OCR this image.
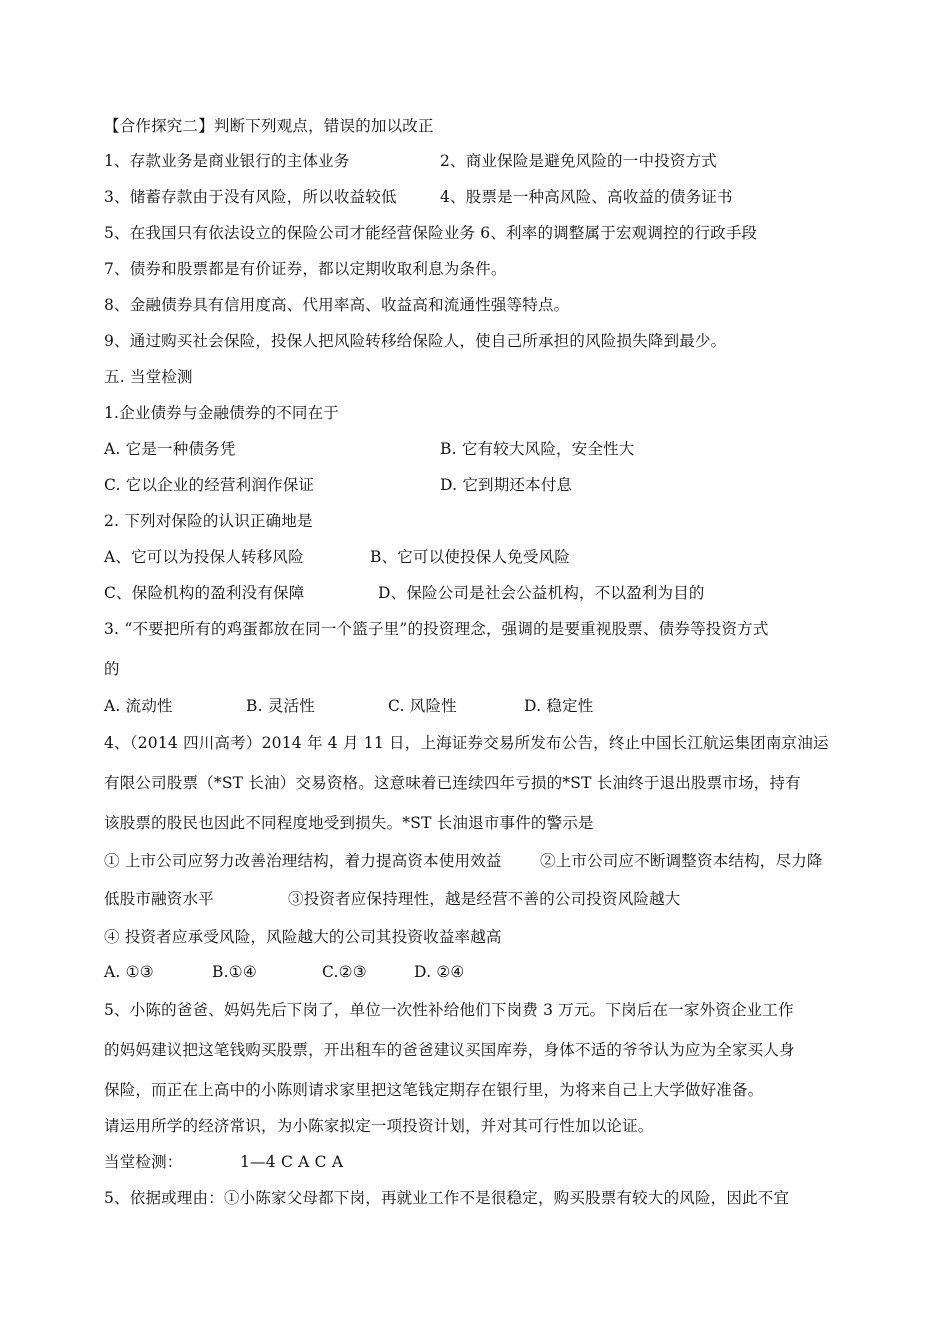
【合作探究二】判断下列观点，错误的加以改正
1、存款业务是商业银行的主体业务	2、商业保险是避免风险的一中投资方式
3、储蓄存款由于没有风险，所以收益较低	4、股票是一种高风险、高收益的债务证书
5、在我国只有依法设立的保险公司才能经营保险业务 6、利率的调整属于宏观调控的行政手段
7、债券和股票都是有价证券，都以定期收取利息为条件。
8、金融债券具有信用度高、代用率高、收益高和流通性强等特点。
9、通过购买社会保险，投保人把风险转移给保险人，使自己所承担的风险损失降到最少。
五. 当堂检测
1.企业债券与金融债券的不同在于
A. 它是一种债务凭	B. 它有较大风险，安全性大
C. 它以企业的经营利润作保证	D. 它到期还本付息
2. 下列对保险的认识正确地是
A、它可以为投保人转移风险	B、它可以使投保人免受风险
C、保险机构的盈利没有保障	D、保险公司是社会公益机构，不以盈利为目的
3. “不要把所有的鸡蛋都放在同一个篮子里”的投资理念，强调的是要重视股票、债券等投资方式
的
A. 流动性	B. 灵活性	C. 风险性	D. 稳定性
4、（2014 四川高考）2014 年 4 月 11 日，上海证券交易所发布公告，终止中国长江航运集团南京油运
有限公司股票（*ST 长油）交易资格。这意味着已连续四年亏损的*ST 长油终于退出股票市场，持有
该股票的股民也因此不同程度地受到损失。*ST 长油退市事件的警示是
① 上市公司应努力改善治理结构，着力提高资本使用效益 ②上市公司应不断调整资本结构，尽力降
低股市融资水平	③投资者应保持理性，越是经营不善的公司投资风险越大
④ 投资者应承受风险，风险越大的公司其投资收益率越高
A. ①③	B.①④	C.②③	D. ②④
5、小陈的爸爸、妈妈先后下岗了，单位一次性补给他们下岗费 3 万元。下岗后在一家外资企业工作
的妈妈建议把这笔钱购买股票，开出租车的爸爸建议买国库券，身体不适的爷爷认为应为全家买人身
保险，而正在上高中的小陈则请求家里把这笔钱定期存在银行里，为将来自己上大学做好准备。
请运用所学的经济常识，为小陈家拟定一项投资计划，并对其可行性加以论证。
当堂检测：	1—4 C A C A
5、依据或理由：①小陈家父母都下岗，再就业工作不是很稳定，购买股票有较大的风险，因此不宜
